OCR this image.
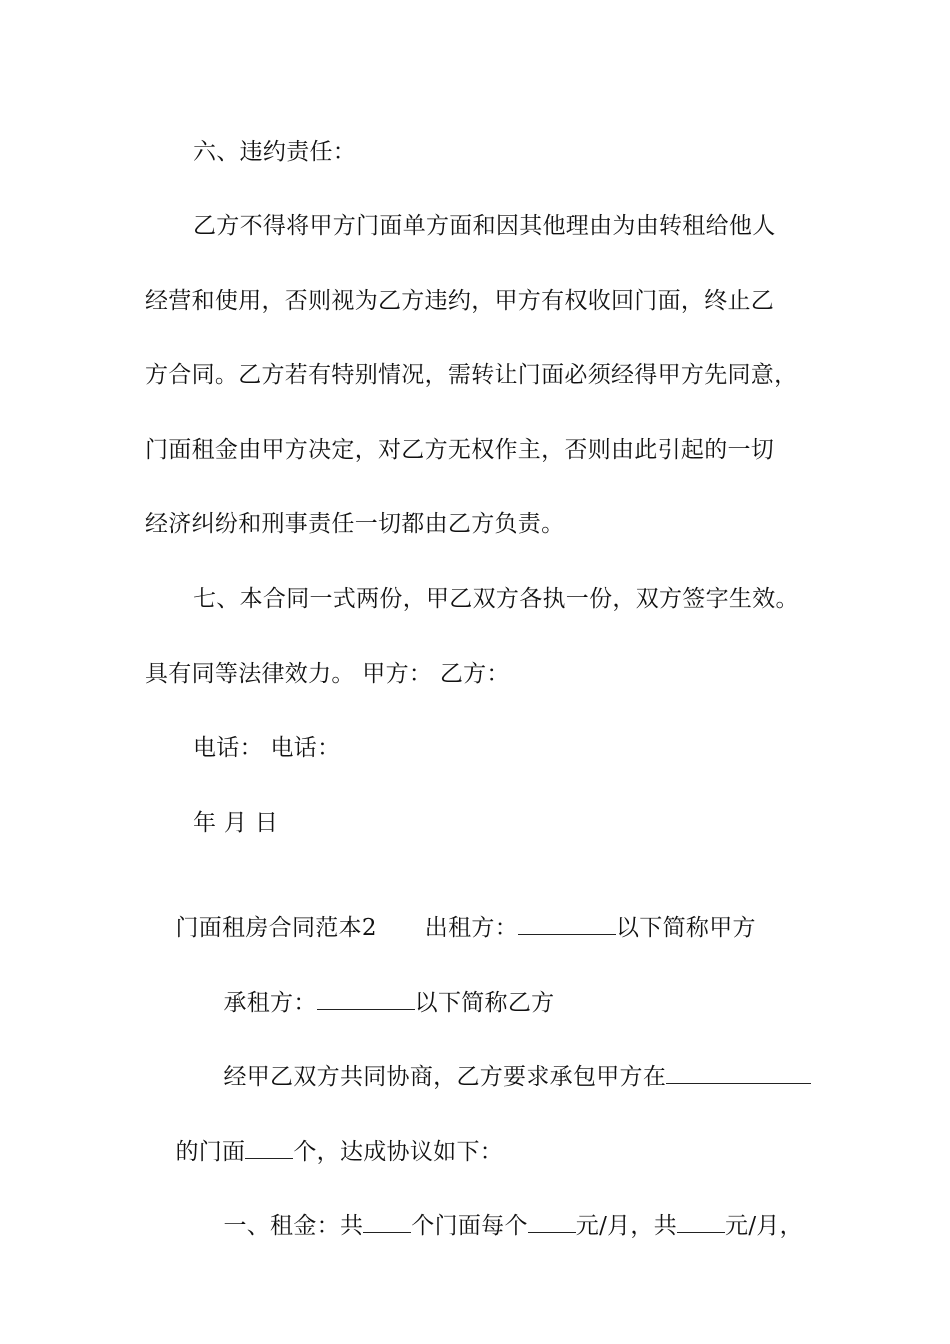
六、违约责任：
乙方不得将甲方门面单方面和因其他理由为由转租给他人
经营和使用，否则视为乙方违约，甲方有权收回门面，终止乙
方合同。乙方若有特别情况，需转让门面必须经得甲方先同意，
门面租金由甲方决定，对乙方无权作主，否则由此引起的一切
经济纠纷和刑事责任一切都由乙方负责。
七、本合同一式两份，甲乙双方各执一份，双方签字生效。
具有同等法律效力。 甲方： 乙方：
电话： 电话：
年 月 日

门面租房合同范本2 出租方：	以下简称甲方

承租方：	以下简称乙方

经甲乙双方共同协商，乙方要求承包甲方在

的门面 个，达成协议如下：

一、租金：共 个门面每个 元/月，共 元/月，
